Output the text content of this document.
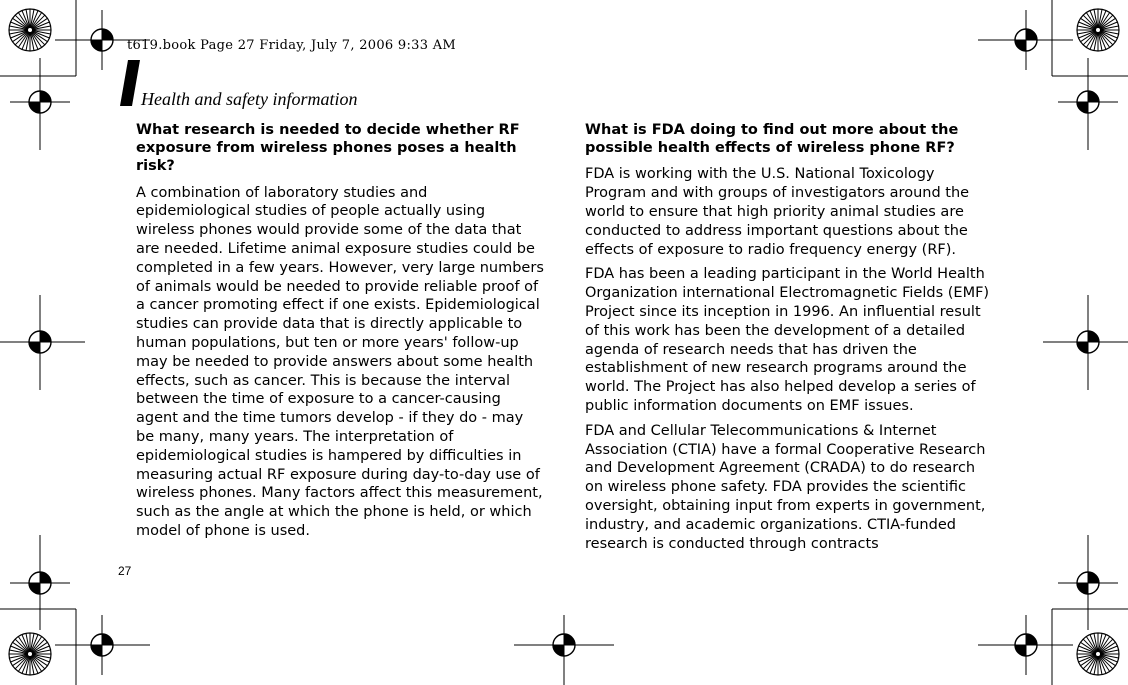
t619.book Page 27 Friday, July 7, 2006 9:33 AM
Health and safety information
What research is needed to decide whether RF exposure from wireless phones poses a health risk?

A combination of laboratory studies and epidemiological studies of people actually using wireless phones would provide some of the data that are needed. Lifetime animal exposure studies could be completed in a few years. However, very large numbers of animals would be needed to provide reliable proof of a cancer promoting effect if one exists. Epidemiological studies can provide data that is directly applicable to human populations, but ten or more years' follow-up may be needed to provide answers about some health effects, such as cancer. This is because the interval between the time of exposure to a cancer-causing agent and the time tumors develop - if they do - may be many, many years. The interpretation of epidemiological studies is hampered by difficulties in measuring actual RF exposure during day-to-day use of wireless phones. Many factors affect this measurement, such as the angle at which the phone is held, or which model of phone is used.

What is FDA doing to find out more about the possible health effects of wireless phone RF?

FDA is working with the U.S. National Toxicology Program and with groups of investigators around the world to ensure that high priority animal studies are conducted to address important questions about the effects of exposure to radio frequency energy (RF).

FDA has been a leading participant in the World Health Organization international Electromagnetic Fields (EMF) Project since its inception in 1996. An influential result of this work has been the development of a detailed agenda of research needs that has driven the establishment of new research programs around the world. The Project has also helped develop a series of public information documents on EMF issues.

FDA and Cellular Telecommunications & Internet Association (CTIA) have a formal Cooperative Research and Development Agreement (CRADA) to do research on wireless phone safety. FDA provides the scientific oversight, obtaining input from experts in government, industry, and academic organizations. CTIA-funded research is conducted through contracts

27
